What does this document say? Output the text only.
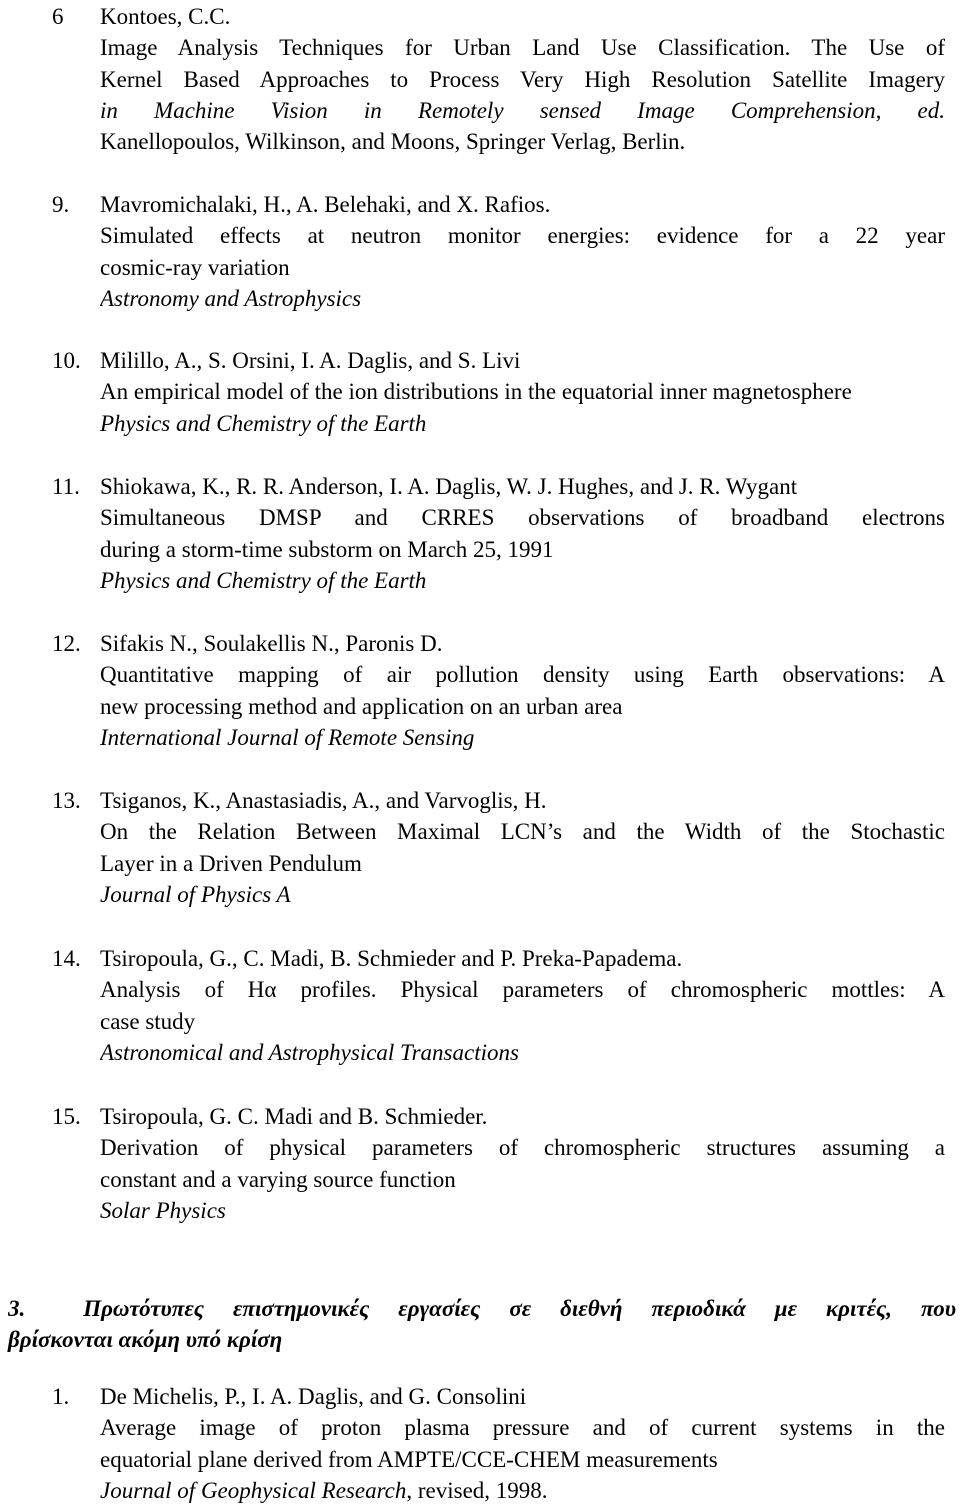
6 Kontoes, C.C.
Image Analysis Techniques for Urban Land Use Classification. The Use of
Kernel Based Approaches to Process Very High Resolution Satellite Imagery
in Machine Vision in Remotely sensed Image Comprehension, ed.
Kanellopoulos, Wilkinson, and Moons, Springer Verlag, Berlin.
9. Mavromichalaki, H., A. Belehaki, and X. Rafios.
Simulated effects at neutron monitor energies: evidence for a 22 year
cosmic-ray variation
Astronomy and Astrophysics
10. Milillo, A., S. Orsini, I. A. Daglis, and S. Livi
An empirical model of the ion distributions in the equatorial inner magnetosphere
Physics and Chemistry of the Earth
11. Shiokawa, K., R. R. Anderson, I. A. Daglis, W. J. Hughes, and J. R. Wygant
Simultaneous DMSP and CRRES observations of broadband electrons
during a storm-time substorm on March 25, 1991
Physics and Chemistry of the Earth
12. Sifakis N., Soulakellis N., Paronis D.
Quantitative mapping of air pollution density using Earth observations: A
new processing method and application on an urban area
International Journal of Remote Sensing
13. Tsiganos, K., Anastasiadis, A., and Varvoglis, H.
On the Relation Between Maximal LCN’s and the Width of the Stochastic
Layer in a Driven Pendulum
Journal of Physics A
14. Tsiropoula, G., C. Madi, B. Schmieder and P. Preka-Papadema.
Analysis of Hα profiles. Physical parameters of chromospheric mottles: A
case study
Astronomical and Astrophysical Transactions
15. Tsiropoula, G. C. Madi and B. Schmieder.
Derivation of physical parameters of chromospheric structures assuming a
constant and a varying source function
Solar Physics
3.	Πρωτότυπες επιστημονικές εργασίες σε διεθνή περιοδικά με κριτές, που
βρίσκονται ακόμη υπό κρίση
1. De Michelis, P., I. A. Daglis, and G. Consolini
Average image of proton plasma pressure and of current systems in the
equatorial plane derived from AMPTE/CCE-CHEM measurements
Journal of Geophysical Research, revised, 1998.
